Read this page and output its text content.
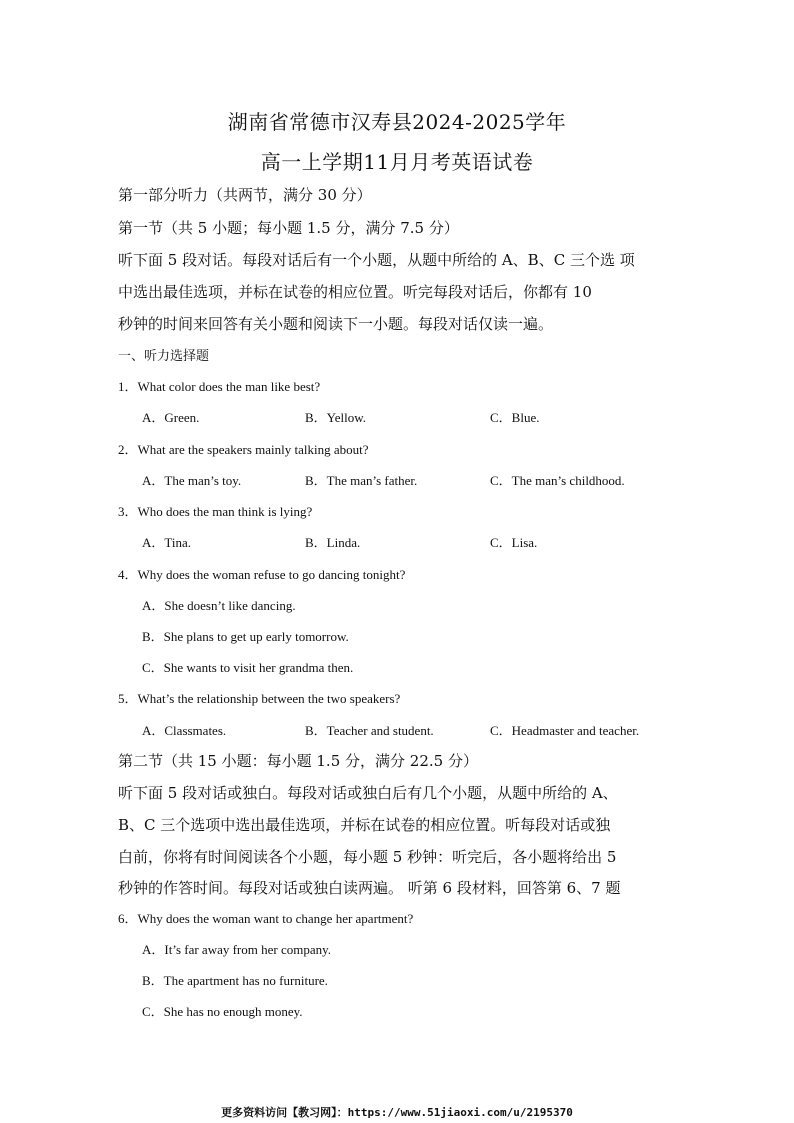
湖南省常德市汉寿县2024-2025学年
高一上学期11月月考英语试卷
第一部分听力（共两节，满分 30 分）
第一节（共 5 小题；每小题 1.5 分，满分 7.5 分）
听下面 5 段对话。每段对话后有一个小题，从题中所给的 A、B、C 三个选 项
中选出最佳选项，并标在试卷的相应位置。听完每段对话后，你都有 10
秒钟的时间来回答有关小题和阅读下一小题。每段对话仅读一遍。
一、听力选择题
1．What color does the man like best?
A．Green.	B．Yellow.	C．Blue.
2．What are the speakers mainly talking about?
A．The man’s toy.	B．The man’s father.	C．The man’s childhood.
3．Who does the man think is lying?
A．Tina.	B．Linda.	C．Lisa.
4．Why does the woman refuse to go dancing tonight?
A．She doesn’t like dancing.
B．She plans to get up early tomorrow.
C．She wants to visit her grandma then.
5．What’s the relationship between the two speakers?
A．Classmates.	B．Teacher and student.	C．Headmaster and teacher.
第二节（共 15 小题：每小题 1.5 分，满分 22.5 分）
听下面 5 段对话或独白。每段对话或独白后有几个小题，从题中所给的 A、
B、C 三个选项中选出最佳选项，并标在试卷的相应位置。听每段对话或独
白前，你将有时间阅读各个小题，每小题 5 秒钟：听完后，各小题将给出 5
秒钟的作答时间。每段对话或独白读两遍。 听第 6 段材料，回答第 6、7 题
6．Why does the woman want to change her apartment?
A．It’s far away from her company.
B．The apartment has no furniture.
C．She has no enough money.
更多资料访问【教习网】：https://www.51jiaoxi.com/u/2195370
